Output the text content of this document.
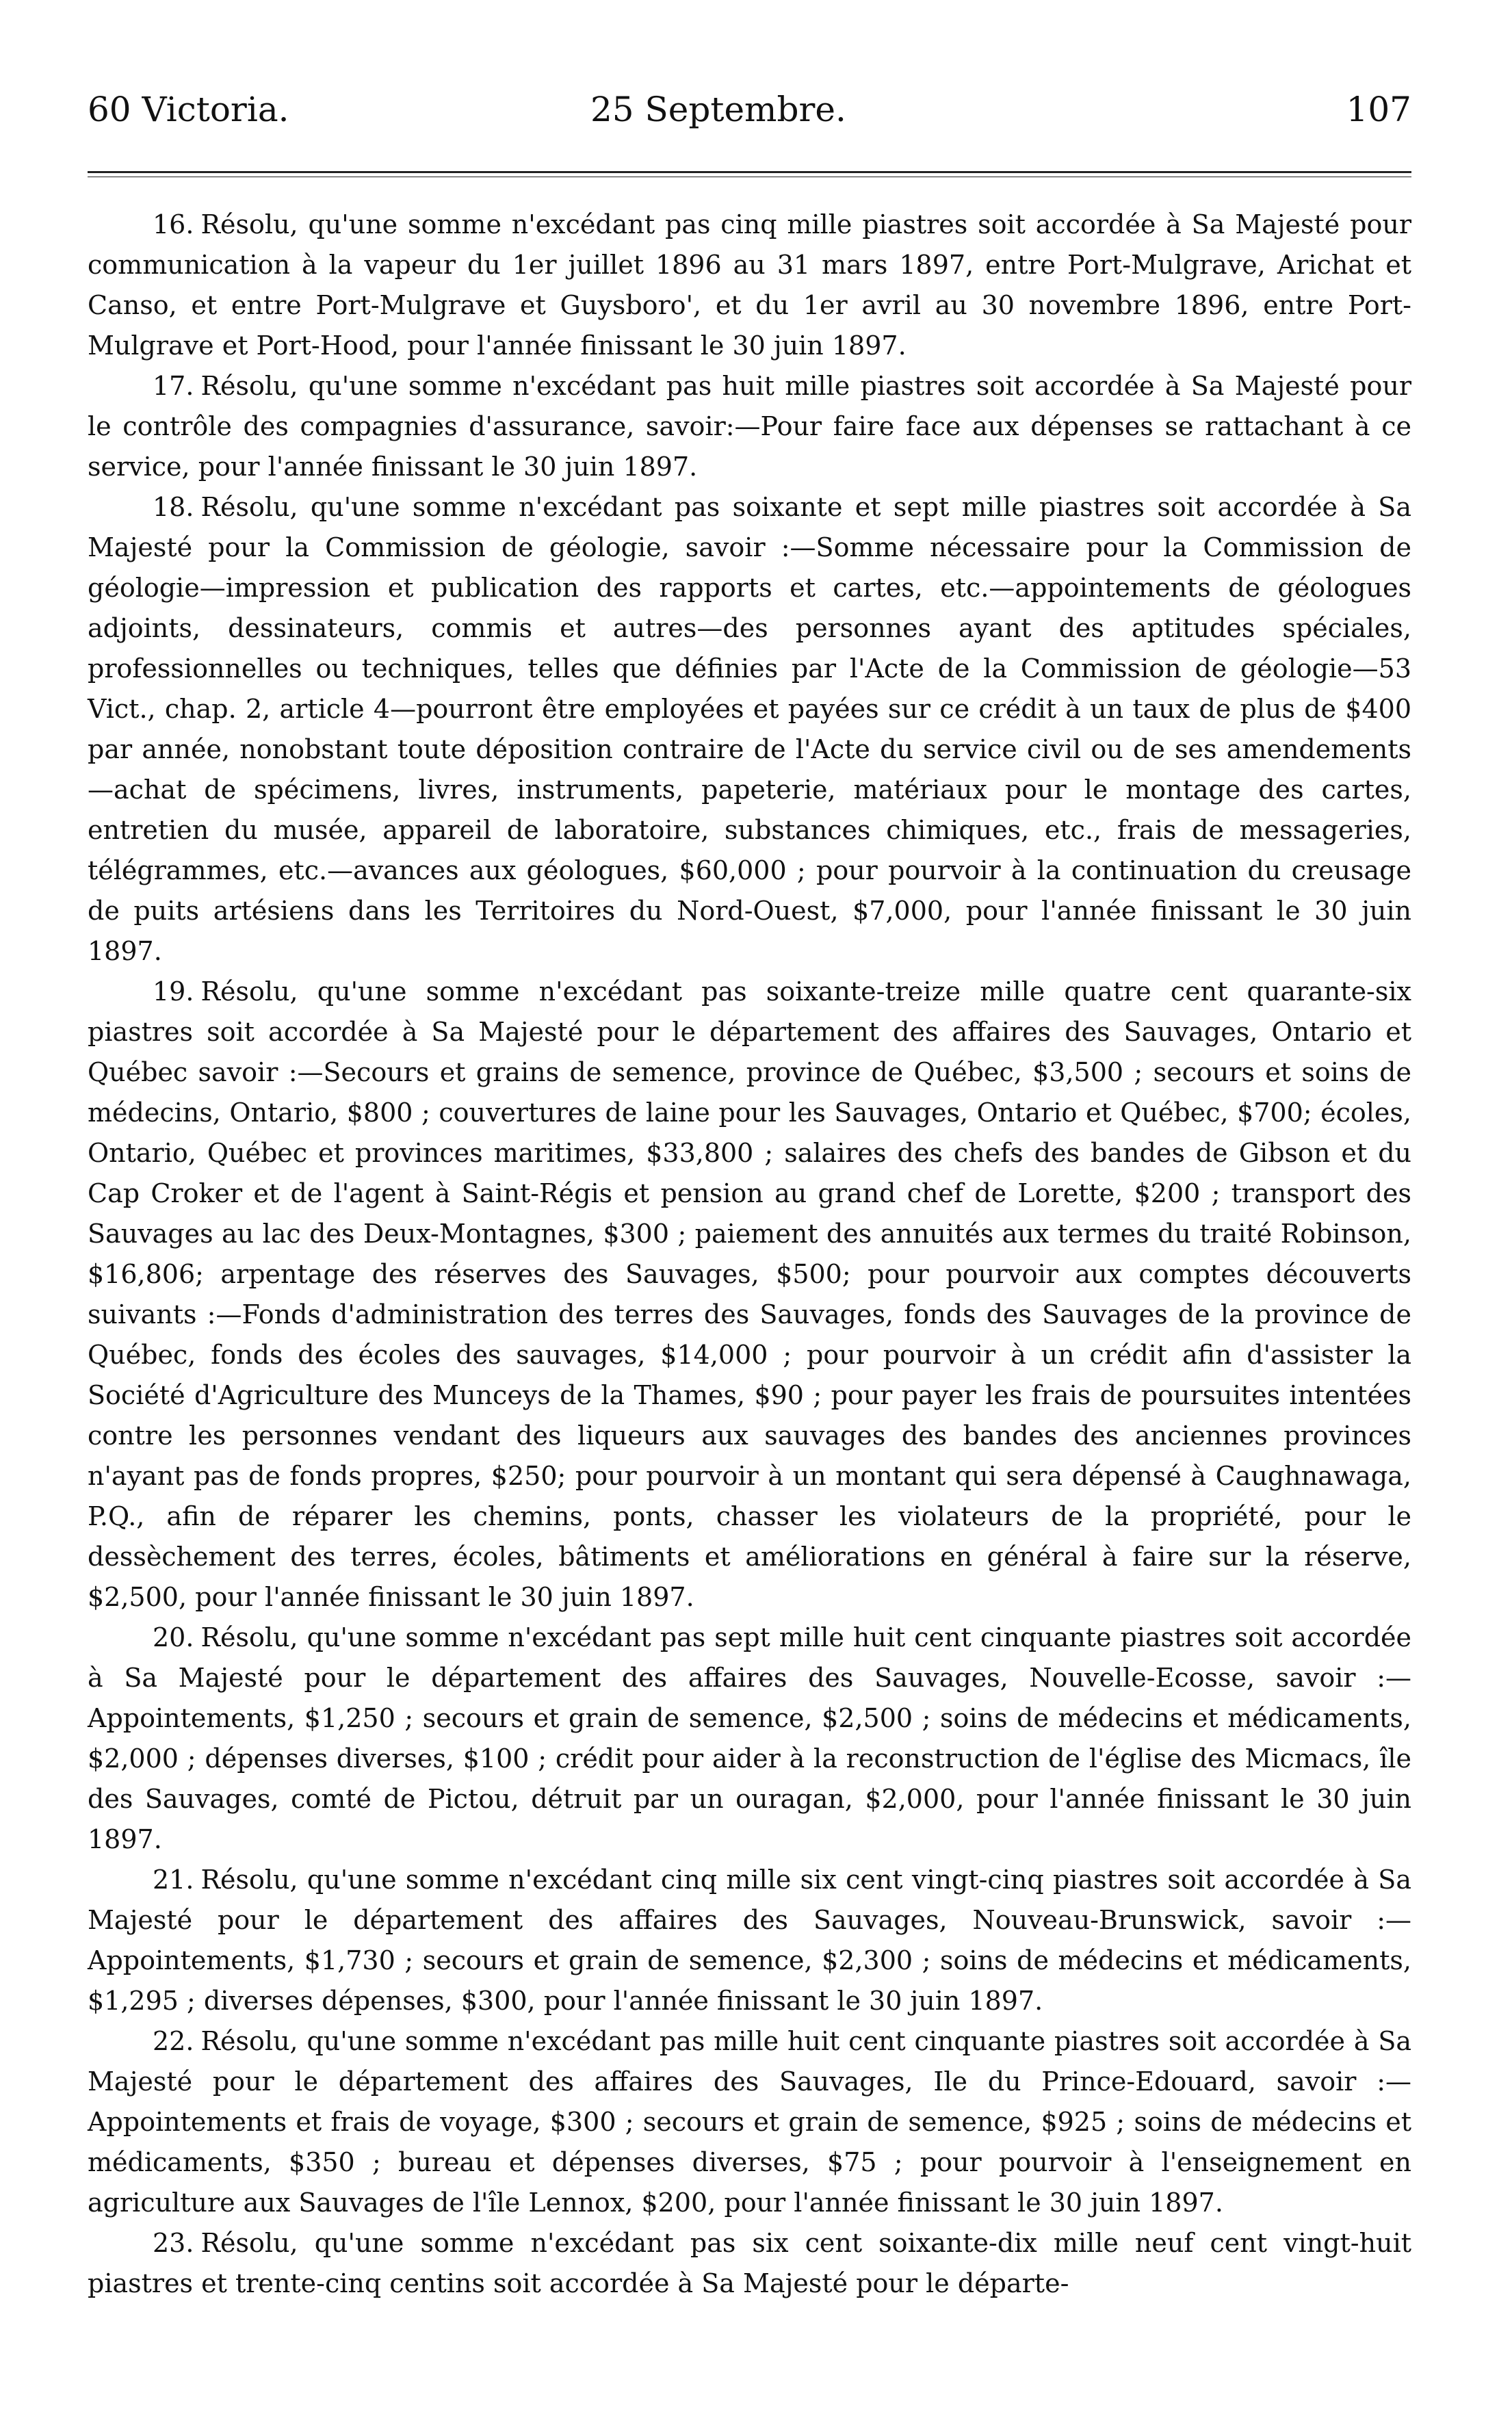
60 Victoria.	25 Septembre.	107

16. Résolu, qu'une somme n'excédant pas cinq mille piastres soit accordée à Sa Majesté pour communication à la vapeur du 1er juillet 1896 au 31 mars 1897, entre Port-Mulgrave, Arichat et Canso, et entre Port-Mulgrave et Guysboro', et du 1er avril au 30 novembre 1896, entre Port-Mulgrave et Port-Hood, pour l'année finissant le 30 juin 1897.

17. Résolu, qu'une somme n'excédant pas huit mille piastres soit accordée à Sa Majesté pour le contrôle des compagnies d'assurance, savoir:—Pour faire face aux dépenses se rattachant à ce service, pour l'année finissant le 30 juin 1897.

18. Résolu, qu'une somme n'excédant pas soixante et sept mille piastres soit accordée à Sa Majesté pour la Commission de géologie, savoir :—Somme nécessaire pour la Commission de géologie—impression et publication des rapports et cartes, etc.—appointements de géologues adjoints, dessinateurs, commis et autres—des personnes ayant des aptitudes spéciales, professionnelles ou techniques, telles que définies par l'Acte de la Commission de géologie—53 Vict., chap. 2, article 4—pourront être employées et payées sur ce crédit à un taux de plus de $400 par année, nonobstant toute déposition contraire de l'Acte du service civil ou de ses amendements—achat de spécimens, livres, instruments, papeterie, matériaux pour le montage des cartes, entretien du musée, appareil de laboratoire, substances chimiques, etc., frais de messageries, télégrammes, etc.—avances aux géologues, $60,000 ; pour pourvoir à la continuation du creusage de puits artésiens dans les Territoires du Nord-Ouest, $7,000, pour l'année finissant le 30 juin 1897.

19. Résolu, qu'une somme n'excédant pas soixante-treize mille quatre cent quarante-six piastres soit accordée à Sa Majesté pour le département des affaires des Sauvages, Ontario et Québec savoir :—Secours et grains de semence, province de Québec, $3,500 ; secours et soins de médecins, Ontario, $800 ; couvertures de laine pour les Sauvages, Ontario et Québec, $700; écoles, Ontario, Québec et provinces maritimes, $33,800 ; salaires des chefs des bandes de Gibson et du Cap Croker et de l'agent à Saint-Régis et pension au grand chef de Lorette, $200 ; transport des Sauvages au lac des Deux-Montagnes, $300 ; paiement des annuités aux termes du traité Robinson, $16,806; arpentage des réserves des Sauvages, $500; pour pourvoir aux comptes découverts suivants :—Fonds d'administration des terres des Sauvages, fonds des Sauvages de la province de Québec, fonds des écoles des sauvages, $14,000 ; pour pourvoir à un crédit afin d'assister la Société d'Agriculture des Munceys de la Thames, $90 ; pour payer les frais de poursuites intentées contre les personnes vendant des liqueurs aux sauvages des bandes des anciennes provinces n'ayant pas de fonds propres, $250; pour pourvoir à un montant qui sera dépensé à Caughnawaga, P.Q., afin de réparer les chemins, ponts, chasser les violateurs de la propriété, pour le dessèchement des terres, écoles, bâtiments et améliorations en général à faire sur la réserve, $2,500, pour l'année finissant le 30 juin 1897.

20. Résolu, qu'une somme n'excédant pas sept mille huit cent cinquante piastres soit accordée à Sa Majesté pour le département des affaires des Sauvages, Nouvelle-Ecosse, savoir :—Appointements, $1,250 ; secours et grain de semence, $2,500 ; soins de médecins et médicaments, $2,000 ; dépenses diverses, $100 ; crédit pour aider à la reconstruction de l'église des Micmacs, île des Sauvages, comté de Pictou, détruit par un ouragan, $2,000, pour l'année finissant le 30 juin 1897.

21. Résolu, qu'une somme n'excédant cinq mille six cent vingt-cinq piastres soit accordée à Sa Majesté pour le département des affaires des Sauvages, Nouveau-Brunswick, savoir :—Appointements, $1,730 ; secours et grain de semence, $2,300 ; soins de médecins et médicaments, $1,295 ; diverses dépenses, $300, pour l'année finissant le 30 juin 1897.

22. Résolu, qu'une somme n'excédant pas mille huit cent cinquante piastres soit accordée à Sa Majesté pour le département des affaires des Sauvages, Ile du Prince-Edouard, savoir :—Appointements et frais de voyage, $300 ; secours et grain de semence, $925 ; soins de médecins et médicaments, $350 ; bureau et dépenses diverses, $75 ; pour pourvoir à l'enseignement en agriculture aux Sauvages de l'île Lennox, $200, pour l'année finissant le 30 juin 1897.

23. Résolu, qu'une somme n'excédant pas six cent soixante-dix mille neuf cent vingt-huit piastres et trente-cinq centins soit accordée à Sa Majesté pour le départe-
